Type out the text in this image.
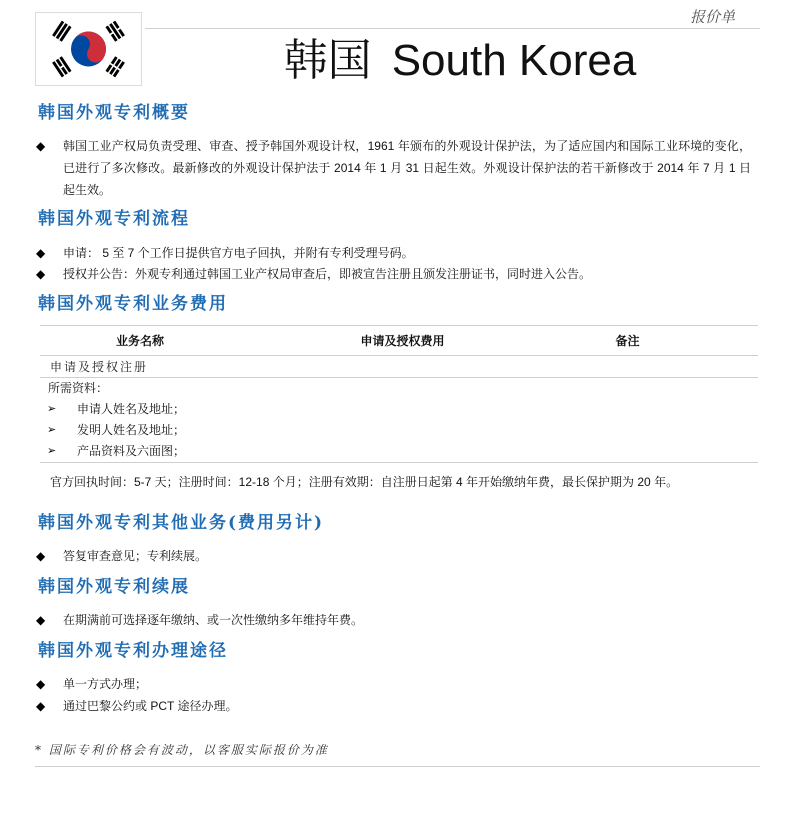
报价单
韩国 South Korea
韩国外观专利概要
◆ 韩国工业产权局负责受理、审查、授予韩国外观设计权，1961 年颁布的外观设计保护法，为了适应国内和国际工业环境的变化，
已进行了多次修改。最新修改的外观设计保护法于 2014 年 1 月 31 日起生效。外观设计保护法的若干新修改于 2014 年 7 月 1 日
起生效。
韩国外观专利流程
◆ 申请： 5 至 7 个工作日提供官方电子回执，并附有专利受理号码。
◆ 授权并公告：外观专利通过韩国工业产权局审查后，即被宣告注册且颁发注册证书，同时进入公告。
韩国外观专利业务费用
业务名称	申请及授权费用	备注
申请及授权注册
所需资料：
➢ 申请人姓名及地址；
➢ 发明人姓名及地址；
➢ 产品资料及六面图；
官方回执时间：5-7 天；注册时间：12-18 个月；注册有效期：自注册日起第 4 年开始缴纳年费，最长保护期为 20 年。
韩国外观专利其他业务(费用另计)
◆ 答复审查意见；专利续展。
韩国外观专利续展
◆ 在期满前可选择逐年缴纳、或一次性缴纳多年维持年费。
韩国外观专利办理途径
◆ 单一方式办理；
◆ 通过巴黎公约或 PCT 途径办理。
* 国际专利价格会有波动，以客服实际报价为准
